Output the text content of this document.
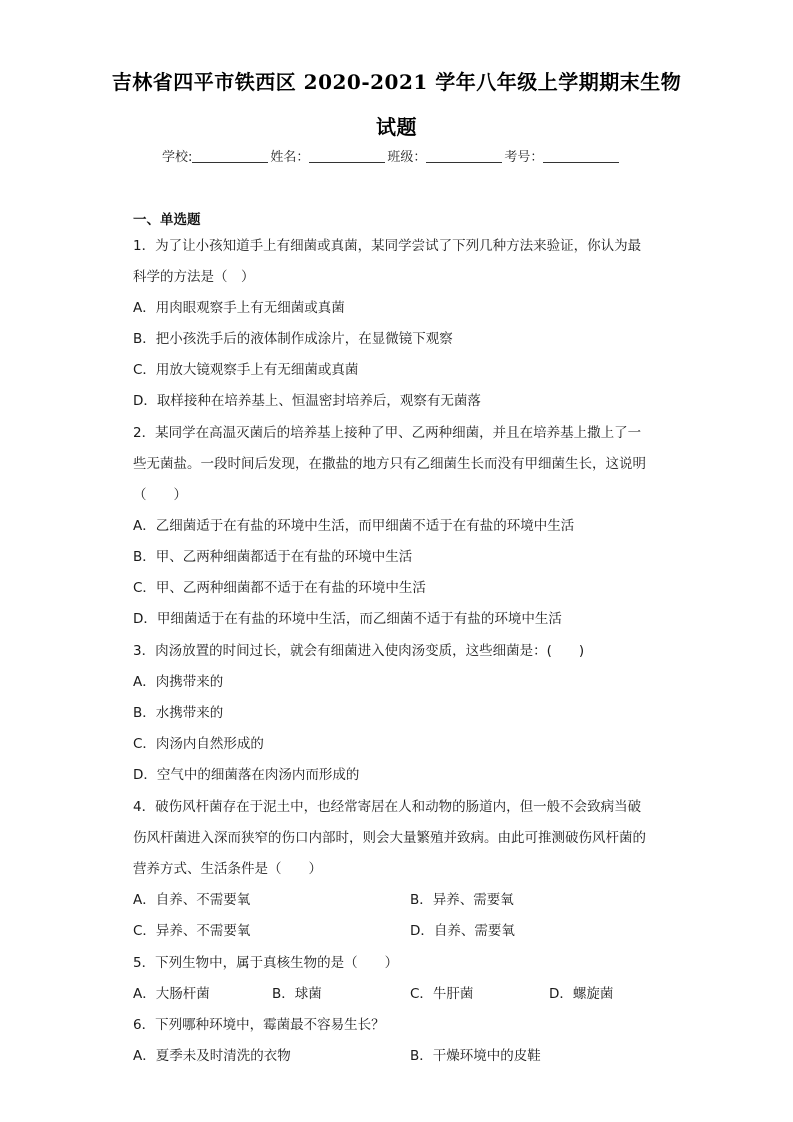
吉林省四平市铁西区 2020-2021 学年八年级上学期期末生物
试题
学校:	姓名：	班级：	考号：
一、单选题
1．为了让小孩知道手上有细菌或真菌，某同学尝试了下列几种方法来验证，你认为最
科学的方法是（　）
A．用肉眼观察手上有无细菌或真菌
B．把小孩洗手后的液体制作成涂片，在显微镜下观察
C．用放大镜观察手上有无细菌或真菌
D．取样接种在培养基上、恒温密封培养后，观察有无菌落
2．某同学在高温灭菌后的培养基上接种了甲、乙两种细菌，并且在培养基上撒上了一
些无菌盐。一段时间后发现，在撒盐的地方只有乙细菌生长而没有甲细菌生长，这说明
（　　）
A．乙细菌适于在有盐的环境中生活，而甲细菌不适于在有盐的环境中生活
B．甲、乙两种细菌都适于在有盐的环境中生活
C．甲、乙两种细菌都不适于在有盐的环境中生活
D．甲细菌适于在有盐的环境中生活，而乙细菌不适于有盐的环境中生活
3．肉汤放置的时间过长，就会有细菌进入使肉汤变质，这些细菌是：(　　)
A．肉携带来的
B．水携带来的
C．肉汤内自然形成的
D．空气中的细菌落在肉汤内而形成的
4．破伤风杆菌存在于泥土中，也经常寄居在人和动物的肠道内，但一般不会致病当破
伤风杆菌进入深而狭窄的伤口内部时，则会大量繁殖并致病。由此可推测破伤风杆菌的
营养方式、生活条件是（　　）
A．自养、不需要氧	B．异养、需要氧
C．异养、不需要氧	D．自养、需要氧
5．下列生物中，属于真核生物的是（　　）
A．大肠杆菌	B．球菌	C．牛肝菌	D．螺旋菌
6．下列哪种环境中，霉菌最不容易生长？
A．夏季未及时清洗的衣物	B．干燥环境中的皮鞋
